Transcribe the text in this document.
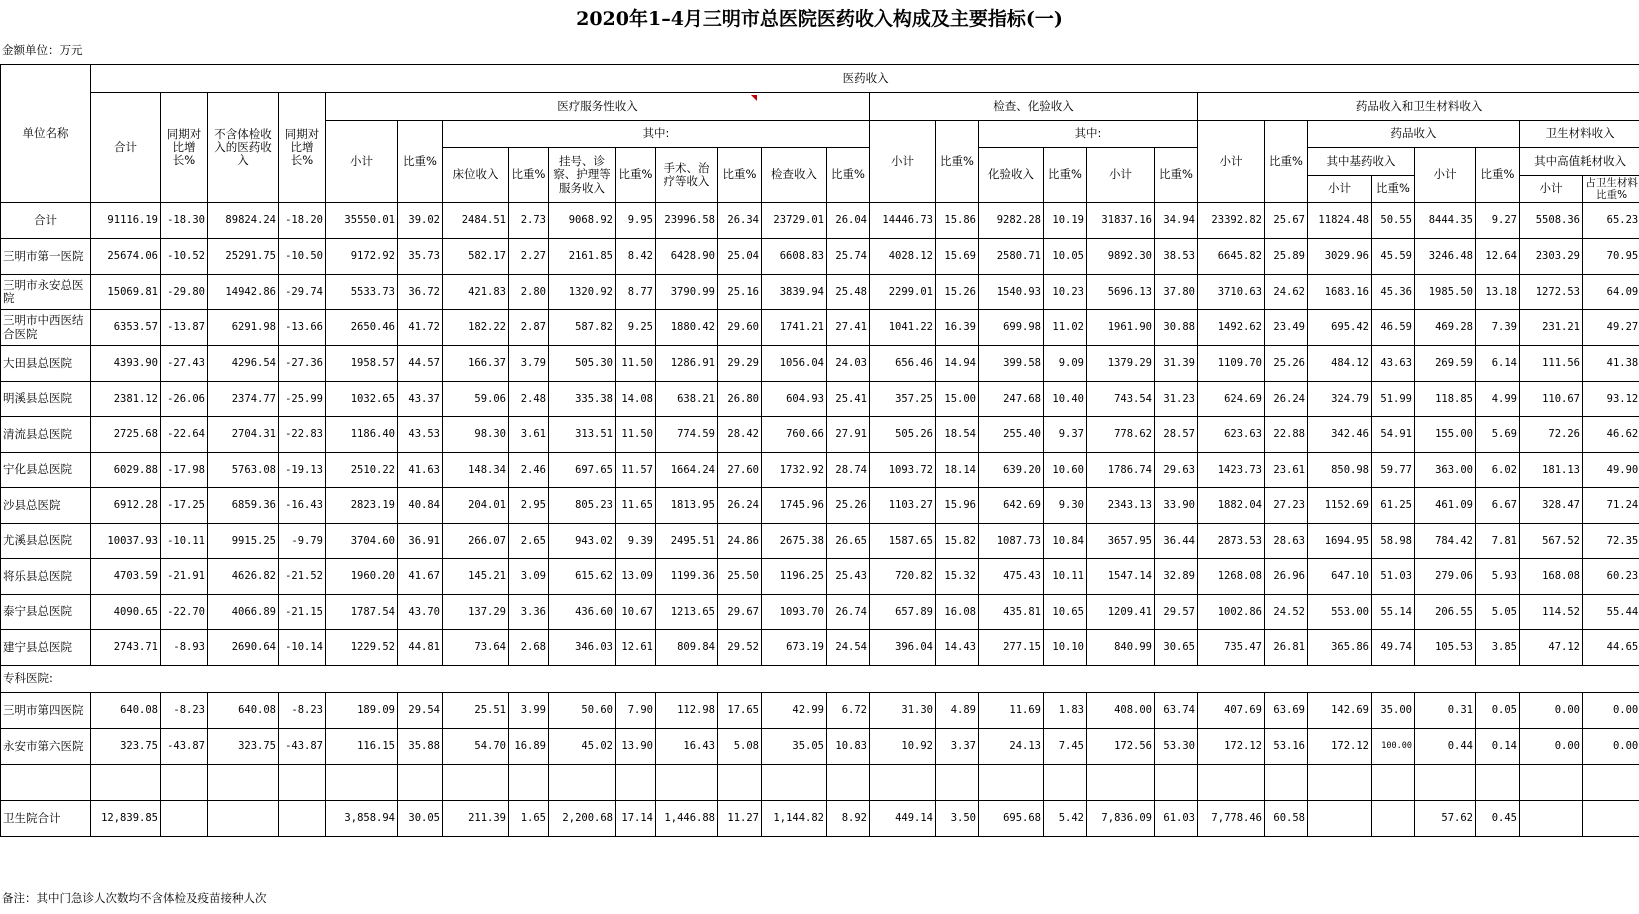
2020年1–4月三明市总医院医药收入构成及主要指标(一)
金额单位：万元
单位名称	医药收入																											
	合计	同期对比增长%	不含体检收入的医药收入	同期对比增长%	医疗服务性收入										检查、化验收入						药品收入和卫生材料收入							
					小计	比重%	其中:								小计	比重%	其中:				小计	比重%	药品收入				卫生材料收入	
							床位收入	比重%	挂号、诊察、护理等服务收入	比重%	手术、治疗等收入	比重%	检查收入	比重%			化验收入	比重%	小计	比重%			其中基药收入		小计	比重%	其中高值耗材收入	
																							小计	比重%			小计	占卫生材料比重%
合计	91116.19	-18.30	89824.24	-18.20	35550.01	39.02	2484.51	2.73	9068.92	9.95	23996.58	26.34	23729.01	26.04	14446.73	15.86	9282.28	10.19	31837.16	34.94	23392.82	25.67	11824.48	50.55	8444.35	9.27	5508.36	65.23
三明市第一医院	25674.06	-10.52	25291.75	-10.50	9172.92	35.73	582.17	2.27	2161.85	8.42	6428.90	25.04	6608.83	25.74	4028.12	15.69	2580.71	10.05	9892.30	38.53	6645.82	25.89	3029.96	45.59	3246.48	12.64	2303.29	70.95
三明市永安总医院	15069.81	-29.80	14942.86	-29.74	5533.73	36.72	421.83	2.80	1320.92	8.77	3790.99	25.16	3839.94	25.48	2299.01	15.26	1540.93	10.23	5696.13	37.80	3710.63	24.62	1683.16	45.36	1985.50	13.18	1272.53	64.09
三明市中西医结合医院	6353.57	-13.87	6291.98	-13.66	2650.46	41.72	182.22	2.87	587.82	9.25	1880.42	29.60	1741.21	27.41	1041.22	16.39	699.98	11.02	1961.90	30.88	1492.62	23.49	695.42	46.59	469.28	7.39	231.21	49.27
大田县总医院	4393.90	-27.43	4296.54	-27.36	1958.57	44.57	166.37	3.79	505.30	11.50	1286.91	29.29	1056.04	24.03	656.46	14.94	399.58	9.09	1379.29	31.39	1109.70	25.26	484.12	43.63	269.59	6.14	111.56	41.38
明溪县总医院	2381.12	-26.06	2374.77	-25.99	1032.65	43.37	59.06	2.48	335.38	14.08	638.21	26.80	604.93	25.41	357.25	15.00	247.68	10.40	743.54	31.23	624.69	26.24	324.79	51.99	118.85	4.99	110.67	93.12
清流县总医院	2725.68	-22.64	2704.31	-22.83	1186.40	43.53	98.30	3.61	313.51	11.50	774.59	28.42	760.66	27.91	505.26	18.54	255.40	9.37	778.62	28.57	623.63	22.88	342.46	54.91	155.00	5.69	72.26	46.62
宁化县总医院	6029.88	-17.98	5763.08	-19.13	2510.22	41.63	148.34	2.46	697.65	11.57	1664.24	27.60	1732.92	28.74	1093.72	18.14	639.20	10.60	1786.74	29.63	1423.73	23.61	850.98	59.77	363.00	6.02	181.13	49.90
沙县总医院	6912.28	-17.25	6859.36	-16.43	2823.19	40.84	204.01	2.95	805.23	11.65	1813.95	26.24	1745.96	25.26	1103.27	15.96	642.69	9.30	2343.13	33.90	1882.04	27.23	1152.69	61.25	461.09	6.67	328.47	71.24
尤溪县总医院	10037.93	-10.11	9915.25	-9.79	3704.60	36.91	266.07	2.65	943.02	9.39	2495.51	24.86	2675.38	26.65	1587.65	15.82	1087.73	10.84	3657.95	36.44	2873.53	28.63	1694.95	58.98	784.42	7.81	567.52	72.35
将乐县总医院	4703.59	-21.91	4626.82	-21.52	1960.20	41.67	145.21	3.09	615.62	13.09	1199.36	25.50	1196.25	25.43	720.82	15.32	475.43	10.11	1547.14	32.89	1268.08	26.96	647.10	51.03	279.06	5.93	168.08	60.23
泰宁县总医院	4090.65	-22.70	4066.89	-21.15	1787.54	43.70	137.29	3.36	436.60	10.67	1213.65	29.67	1093.70	26.74	657.89	16.08	435.81	10.65	1209.41	29.57	1002.86	24.52	553.00	55.14	206.55	5.05	114.52	55.44
建宁县总医院	2743.71	-8.93	2690.64	-10.14	1229.52	44.81	73.64	2.68	346.03	12.61	809.84	29.52	673.19	24.54	396.04	14.43	277.15	10.10	840.99	30.65	735.47	26.81	365.86	49.74	105.53	3.85	47.12	44.65
专科医院:																												
三明市第四医院	640.08	-8.23	640.08	-8.23	189.09	29.54	25.51	3.99	50.60	7.90	112.98	17.65	42.99	6.72	31.30	4.89	11.69	1.83	408.00	63.74	407.69	63.69	142.69	35.00	0.31	0.05	0.00	0.00
永安市第六医院	323.75	-43.87	323.75	-43.87	116.15	35.88	54.70	16.89	45.02	13.90	16.43	5.08	35.05	10.83	10.92	3.37	24.13	7.45	172.56	53.30	172.12	53.16	172.12	100.00	0.44	0.14	0.00	0.00

卫生院合计	12,839.85				3,858.94	30.05	211.39	1.65	2,200.68	17.14	1,446.88	11.27	1,144.82	8.92	449.14	3.50	695.68	5.42	7,836.09	61.03	7,778.46	60.58			57.62	0.45		
备注：其中门急诊人次数均不含体检及疫苗接种人次
